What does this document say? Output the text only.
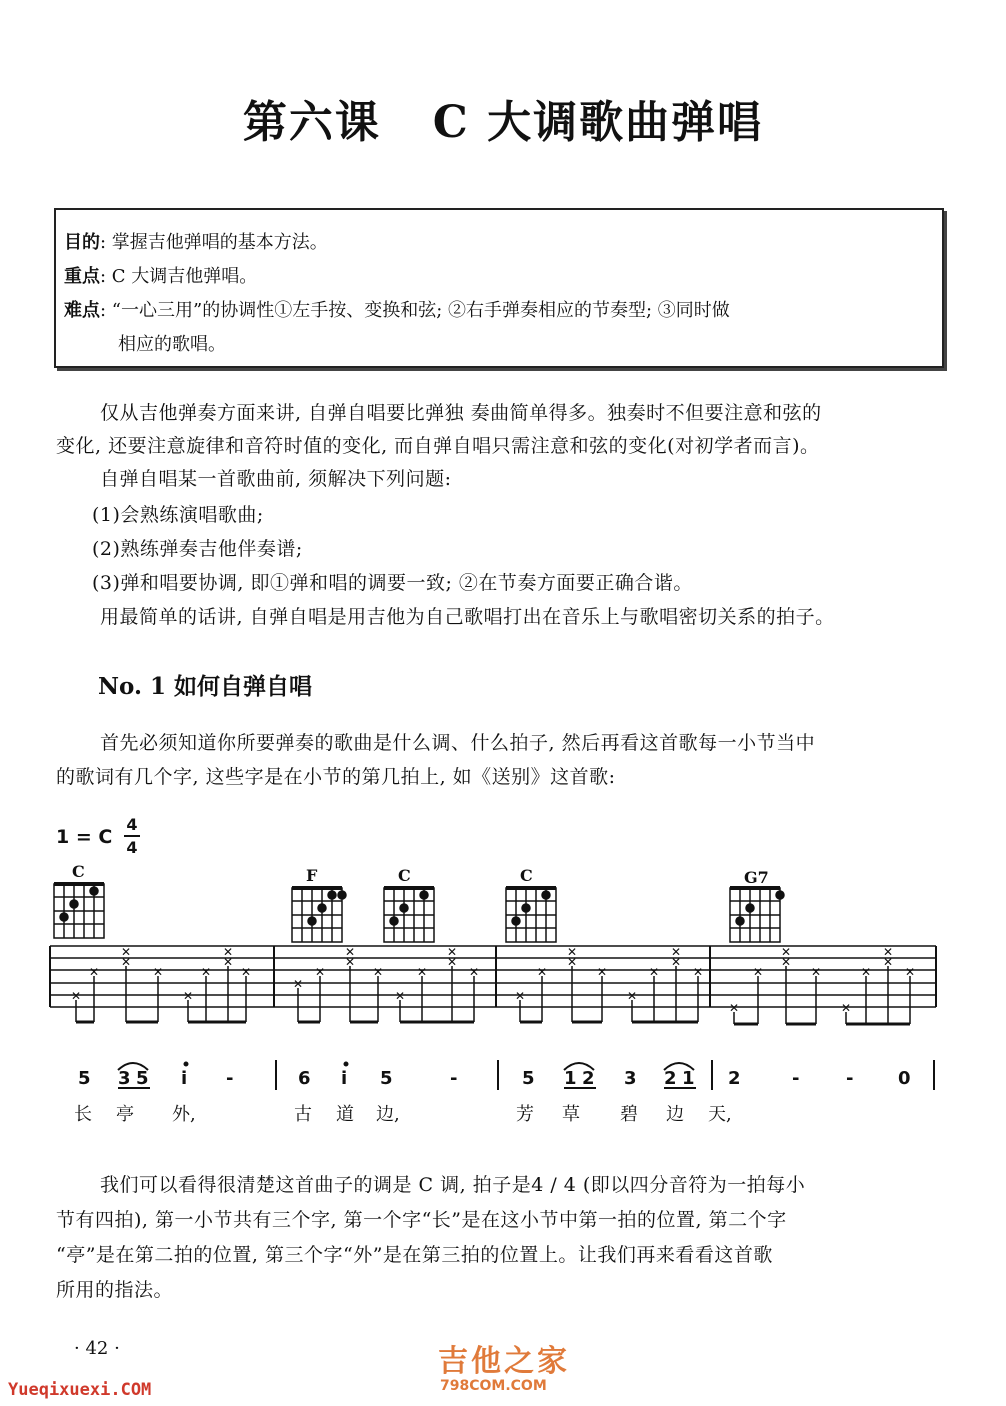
第六课   C 大调歌曲弹唱
目的: 掌握吉他弹唱的基本方法。
重点: C 大调吉他弹唱。
难点: “一心三用”的协调性①左手按、变换和弦; ②右手弹奏相应的节奏型; ③同时做
相应的歌唱。
仅从吉他弹奏方面来讲, 自弹自唱要比弹独 奏曲简单得多。独奏时不但要注意和弦的
变化, 还要注意旋律和音符时值的变化, 而自弹自唱只需注意和弦的变化(对初学者而言)。
自弹自唱某一首歌曲前, 须解决下列问题:
(1)会熟练演唱歌曲;
(2)熟练弹奏吉他伴奏谱;
(3)弹和唱要协调, 即①弹和唱的调要一致; ②在节奏方面要正确合谐。
用最简单的话讲, 自弹自唱是用吉他为自己歌唱打出在音乐上与歌唱密切关系的拍子。
No. 1 如何自弹自唱
首先必须知道你所要弹奏的歌曲是什么调、什么拍子, 然后再看这首歌每一小节当中
的歌词有几个字, 这些字是在小节的第几拍上, 如《送别》这首歌:
1 = C
4
4
C	F	C	C	G7
✕
✕
✕
✕
✕
✕
✕
✕
✕
✕
✕
✕
✕
✕
✕
✕
✕
✕
✕
✕
✕
✕
✕
✕
✕
✕
✕
✕
✕
✕
✕
✕
✕
✕
✕
✕
✕
✕
✕
✕
5 3 5 i -	6 i 5	-	5 1 2 3 2 1 2	-	- 0
长 亭 外,	古 道 边,	芳 草 碧 边 天,
我们可以看得很清楚这首曲子的调是 C 调, 拍子是4 / 4 (即以四分音符为一拍每小
节有四拍), 第一小节共有三个字, 第一个字“长”是在这小节中第一拍的位置, 第二个字
“亭”是在第二拍的位置, 第三个字“外”是在第三拍的位置上。让我们再来看看这首歌
所用的指法。
· 42 ·	吉他之家
798COM.COM
Yueqixuexi.COM
